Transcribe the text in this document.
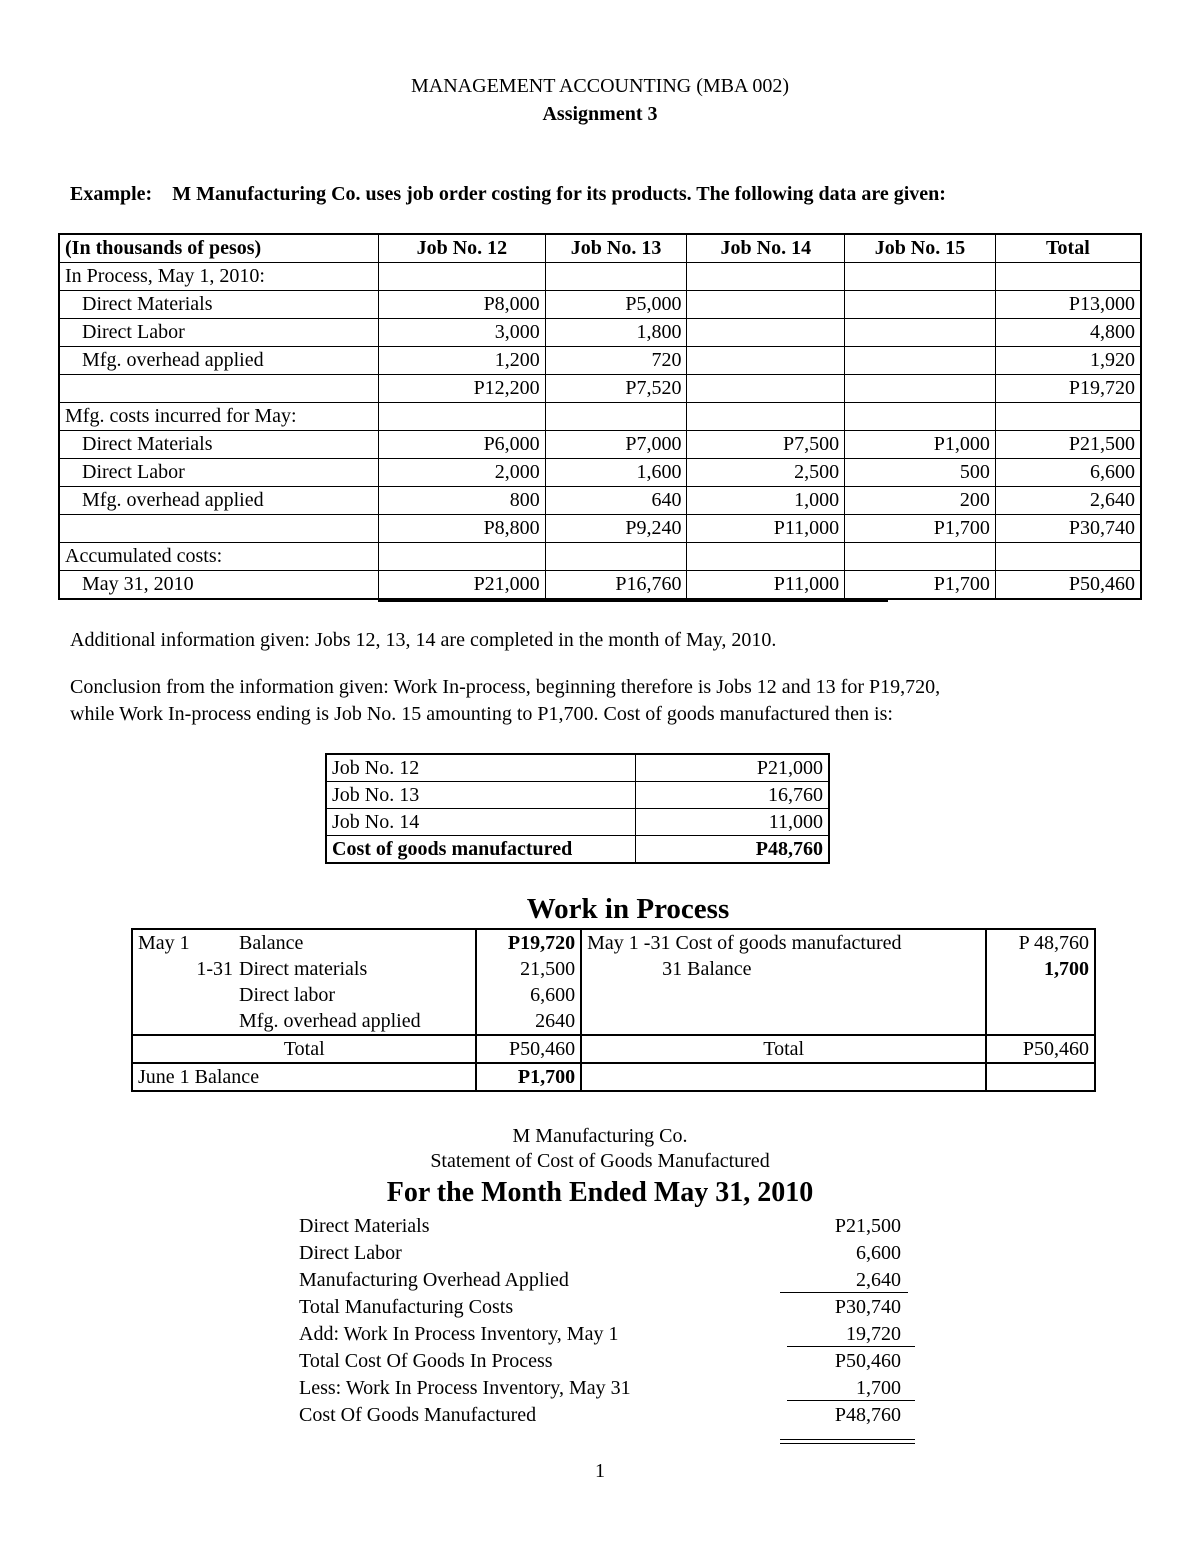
MANAGEMENT ACCOUNTING (MBA 002)
Assignment 3
Example:    M Manufacturing Co. uses job order costing for its products. The following data are given:
(In thousands of pesos)	Job No. 12	Job No. 13	Job No. 14	Job No. 15	Total
In Process, May 1, 2010:					
Direct Materials	P8,000	P5,000			P13,000
Direct Labor	3,000	1,800			4,800
Mfg. overhead applied	1,200	720			1,920
	P12,200	P7,520			P19,720
Mfg. costs incurred for May:					
Direct Materials	P6,000	P7,000	P7,500	P1,000	P21,500
Direct Labor	2,000	1,600	2,500	500	6,600
Mfg. overhead applied	800	640	1,000	200	2,640
	P8,800	P9,240	P11,000	P1,700	P30,740
Accumulated costs:					
May 31, 2010	P21,000	P16,760	P11,000	P1,700	P50,460
Additional information given: Jobs 12, 13, 14 are completed in the month of May, 2010.
Conclusion from the information given: Work In-process, beginning therefore is Jobs 12 and 13 for P19,720,
while Work In-process ending is Job No. 15 amounting to P1,700. Cost of goods manufactured then is:
Job No. 12	P21,000
Job No. 13	16,760
Job No. 14	11,000
Cost of goods manufactured	P48,760
Work in Process
May 1 Balance	P19,720	May 1 -31 Cost of goods manufactured	P 48,760
1-31 Direct materials	21,500	31 Balance	1,700
Direct labor	6,600		
Mfg. overhead applied	2640		
Total	P50,460	Total	P50,460
June 1 Balance	P1,700		
M Manufacturing Co.
Statement of Cost of Goods Manufactured
For the Month Ended May 31, 2010
Direct Materials	P21,500
Direct Labor	6,600
Manufacturing Overhead Applied	2,640
Total Manufacturing Costs	P30,740
Add: Work In Process Inventory, May 1	19,720
Total Cost Of Goods In Process	P50,460
Less: Work In Process Inventory, May 31	1,700
Cost Of Goods Manufactured	P48,760
1
